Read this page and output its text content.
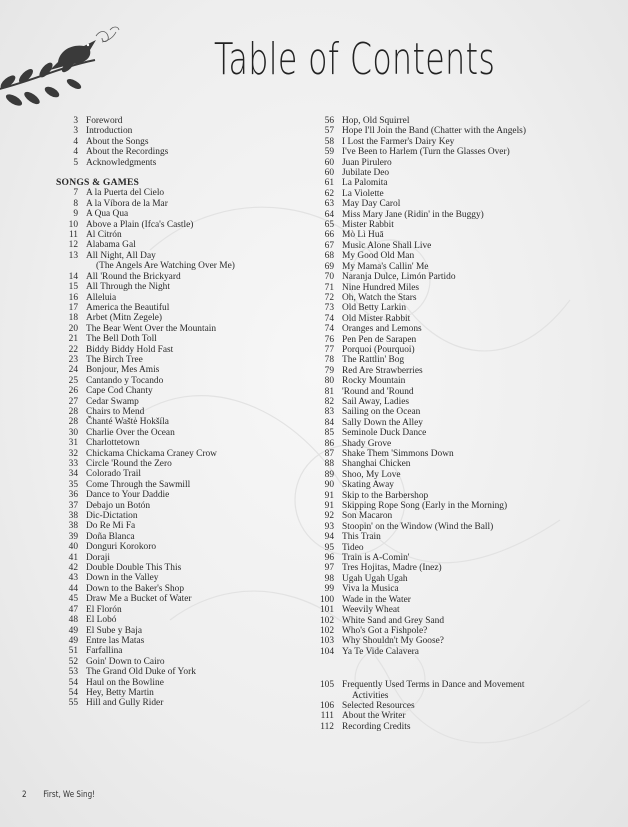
Table of Contents
3 Foreword
3 Introduction
4 About the Songs
4 About the Recordings
5 Acknowledgments
SONGS & GAMES
7 A la Puerta del Cielo
8 A la Víbora de la Mar
9 A Qua Qua
10 Above a Plain (Ifca's Castle)
11 Al Citrón
12 Alabama Gal
13 All Night, All Day
(The Angels Are Watching Over Me)
14 All 'Round the Brickyard
15 All Through the Night
16 Alleluia
17 America the Beautiful
18 Arbet (Mitn Zegele)
20 The Bear Went Over the Mountain
21 The Bell Doth Toll
22 Biddy Biddy Hold Fast
23 The Birch Tree
24 Bonjour, Mes Amis
25 Cantando y Tocando
26 Cape Cod Chanty
27 Cedar Swamp
28 Chairs to Mend
28 Čhanté Waštė Hokšíla
30 Charlie Over the Ocean
31 Charlottetown
32 Chickama Chickama Craney Crow
33 Circle 'Round the Zero
34 Colorado Trail
35 Come Through the Sawmill
36 Dance to Your Daddie
37 Debajo un Botón
38 Dic-Dictation
38 Do Re Mi Fa
39 Doña Blanca
40 Donguri Korokoro
41 Doraji
42 Double Double This This
43 Down in the Valley
44 Down to the Baker's Shop
45 Draw Me a Bucket of Water
47 El Florón
48 El Lobó
49 El Sube y Baja
49 Entre las Matas
51 Farfallina
52 Goin' Down to Cairo
53 The Grand Old Duke of York
54 Haul on the Bowline
54 Hey, Betty Martin
55 Hill and Gully Rider
56 Hop, Old Squirrel
57 Hope I'll Join the Band (Chatter with the Angels)
58 I Lost the Farmer's Dairy Key
59 I've Been to Harlem (Turn the Glasses Over)
60 Juan Pirulero
60 Jubilate Deo
61 La Palomita
62 La Violette
63 May Day Carol
64 Miss Mary Jane (Ridin' in the Buggy)
65 Mister Rabbit
66 Mò Lì Huā
67 Music Alone Shall Live
68 My Good Old Man
69 My Mama's Callin' Me
70 Naranja Dulce, Limón Partido
71 Nine Hundred Miles
72 Oh, Watch the Stars
73 Old Betty Larkin
74 Old Mister Rabbit
74 Oranges and Lemons
76 Pen Pen de Sarapen
77 Porquoi (Pourquoi)
78 The Rattlin' Bog
79 Red Are Strawberries
80 Rocky Mountain
81 'Round and 'Round
82 Sail Away, Ladies
83 Sailing on the Ocean
84 Sally Down the Alley
85 Seminole Duck Dance
86 Shady Grove
87 Shake Them 'Simmons Down
88 Shanghai Chicken
89 Shoo, My Love
90 Skating Away
91 Skip to the Barbershop
91 Skipping Rope Song (Early in the Morning)
92 Son Macaron
93 Stoopin' on the Window (Wind the Ball)
94 This Train
95 Tideo
96 Train is A-Comin'
97 Tres Hojitas, Madre (Inez)
98 Ugah Ugah Ugah
99 Viva la Musica
100 Wade in the Water
101 Weevily Wheat
102 White Sand and Grey Sand
102 Who's Got a Fishpole?
103 Why Shouldn't My Goose?
104 Ya Te Vide Calavera
105 Frequently Used Terms in Dance and Movement
Activities
106 Selected Resources
111 About the Writer
112 Recording Credits
2 First, We Sing!
